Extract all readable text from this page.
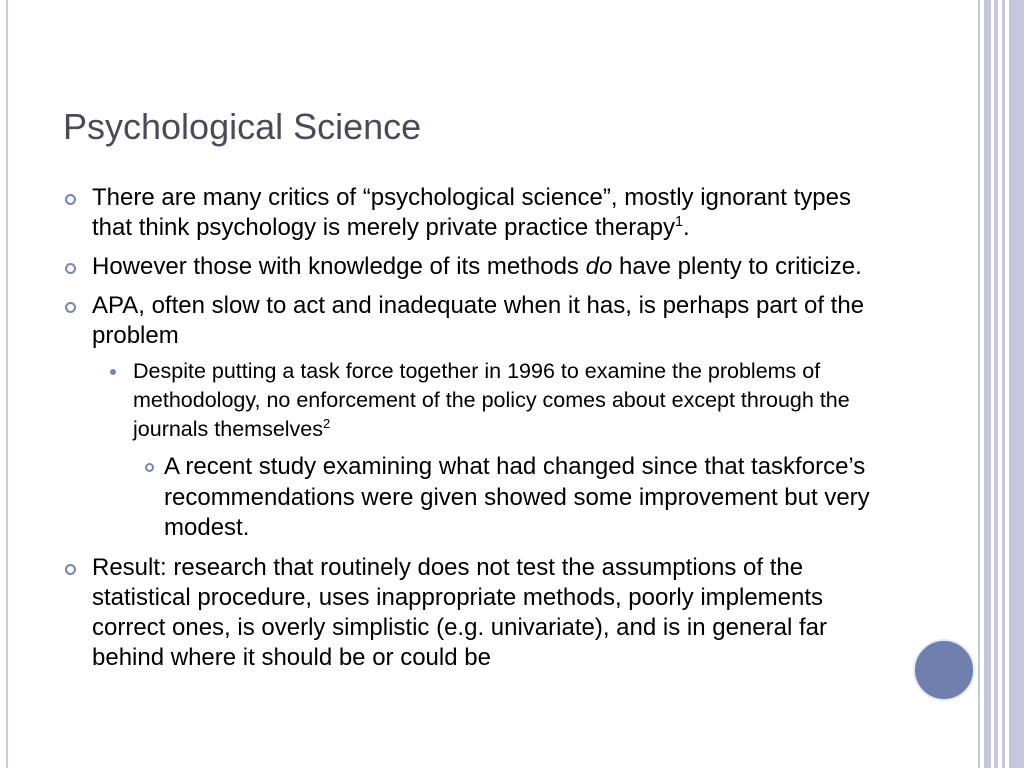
Psychological Science
There are many critics of “psychological science”, mostly ignorant types that think psychology is merely private practice therapy$^1$.
However those with knowledge of its methods do have plenty to criticize.
APA, often slow to act and inadequate when it has, is perhaps part of the problem
Despite putting a task force together in 1996 to examine the problems of methodology, no enforcement of the policy comes about except through the journals themselves$^2$
A recent study examining what had changed since that taskforce’s recommendations were given showed some improvement but very modest.
Result: research that routinely does not test the assumptions of the statistical procedure, uses inappropriate methods, poorly implements correct ones, is overly simplistic (e.g. univariate), and is in general far behind where it should be or could be
